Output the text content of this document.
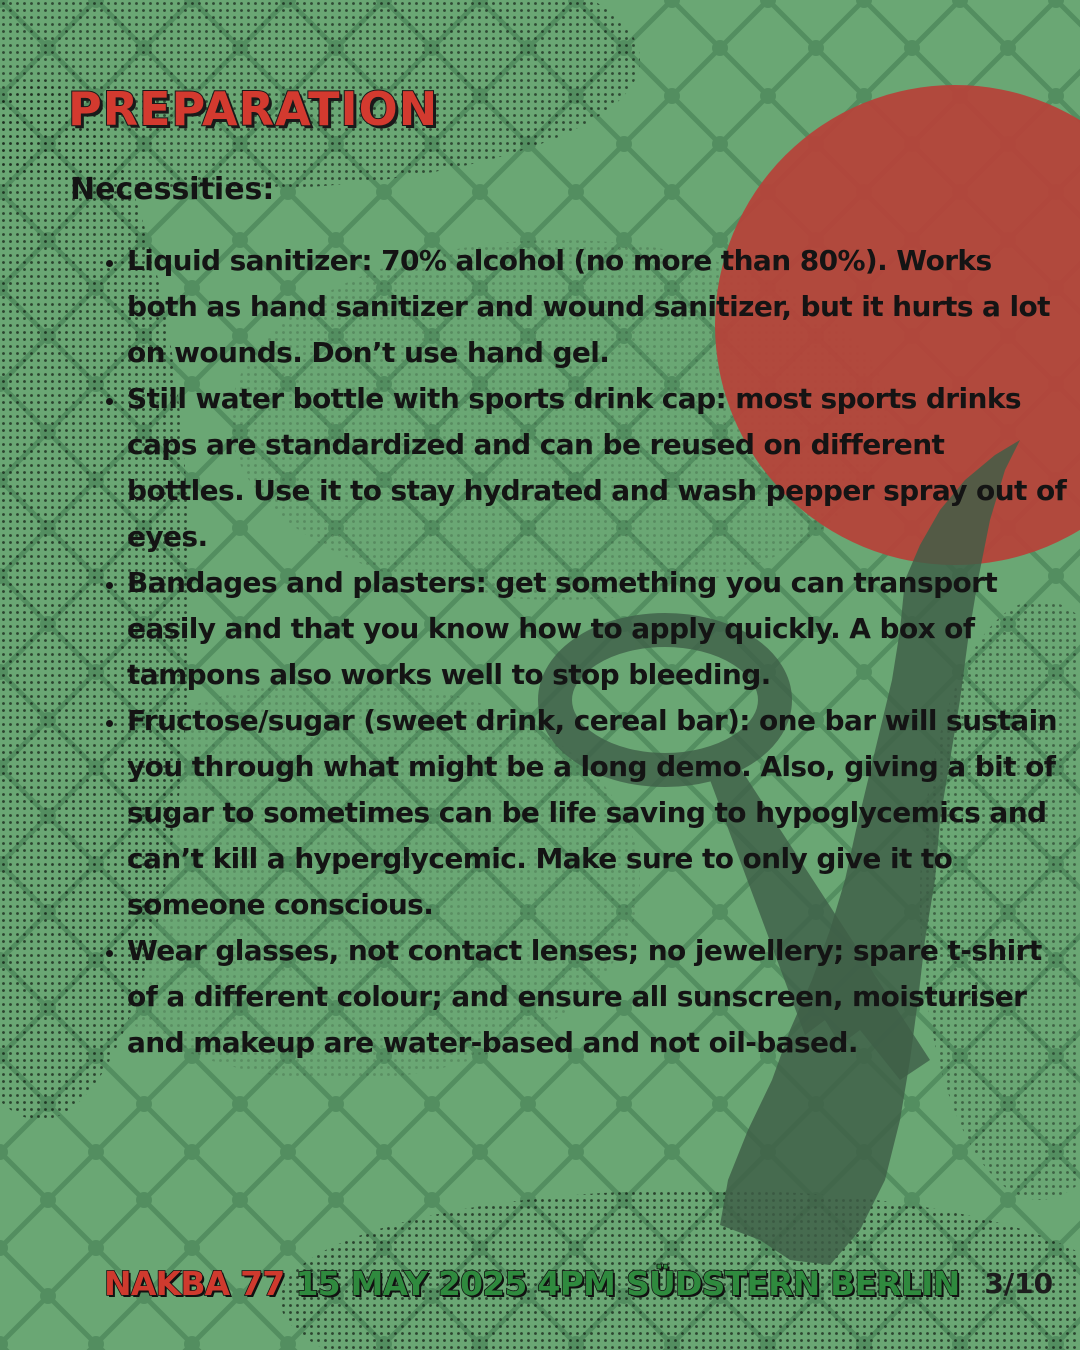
PREPARATION

Necessities:

• Liquid sanitizer: 70% alcohol (no more than 80%). Works both as hand sanitizer and wound sanitizer, but it hurts a lot on wounds. Don’t use hand gel.
• Still water bottle with sports drink cap: most sports drinks caps are standardized and can be reused on different bottles. Use it to stay hydrated and wash pepper spray out of eyes.
• Bandages and plasters: get something you can transport easily and that you know how to apply quickly. A box of tampons also works well to stop bleeding.
• Fructose/sugar (sweet drink, cereal bar): one bar will sustain you through what might be a long demo. Also, giving a bit of sugar to sometimes can be life saving to hypoglycemics and can’t kill a hyperglycemic. Make sure to only give it to someone conscious.
• Wear glasses, not contact lenses; no jewellery; spare t-shirt of a different colour; and ensure all sunscreen, moisturiser and makeup are water-based and not oil-based.
NAKBA 77 15 MAY 2025 4PM SÜDSTERN BERLIN 3/10
